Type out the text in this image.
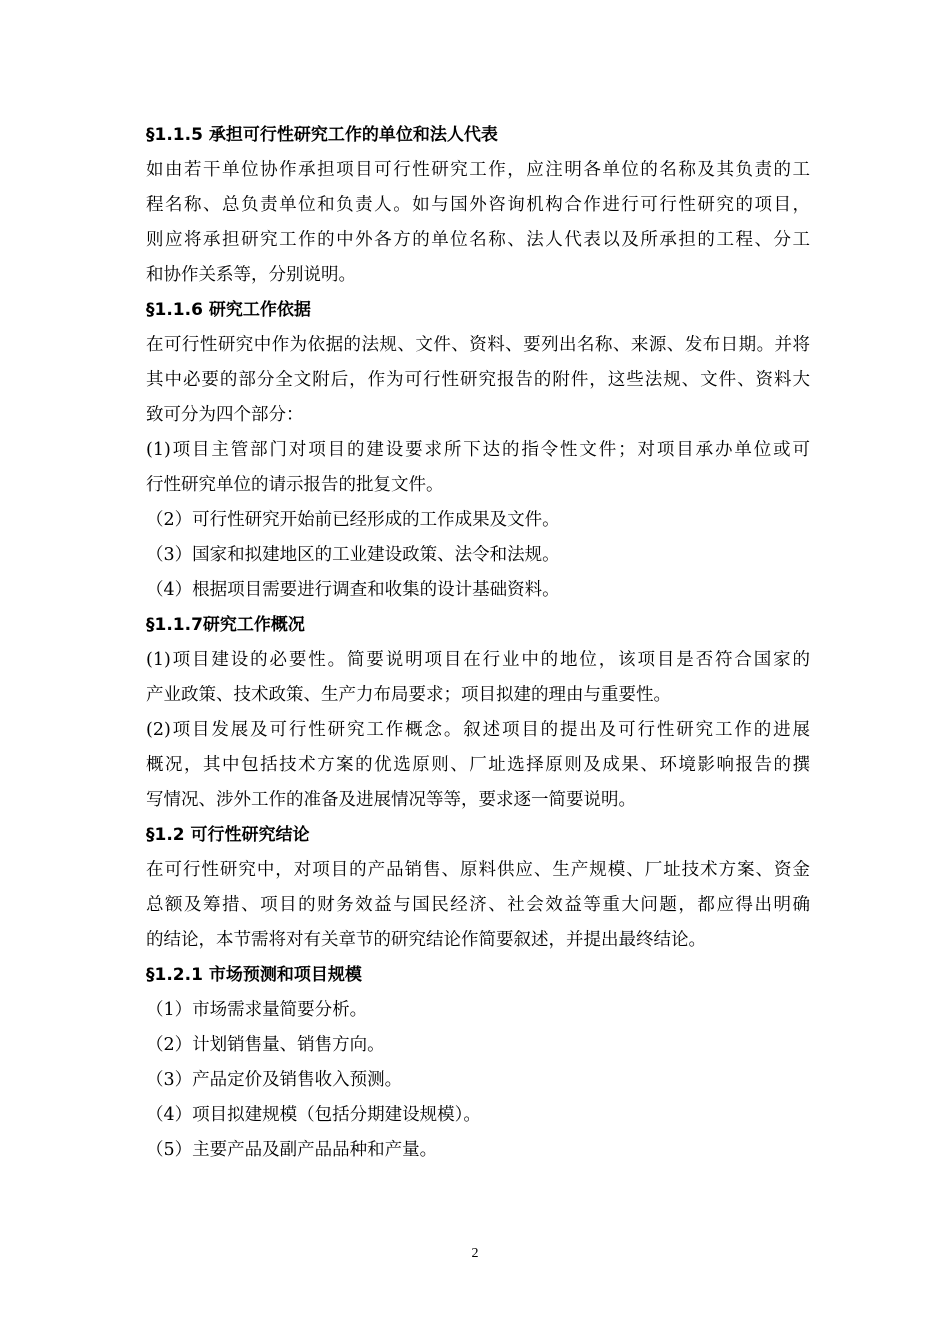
§1.1.5 承担可行性研究工作的单位和法人代表
如由若干单位协作承担项目可行性研究工作，应注明各单位的名称及其负责的工
程名称、总负责单位和负责人。如与国外咨询机构合作进行可行性研究的项目，
则应将承担研究工作的中外各方的单位名称、法人代表以及所承担的工程、分工
和协作关系等，分别说明。
§1.1.6 研究工作依据
在可行性研究中作为依据的法规、文件、资料、要列出名称、来源、发布日期。并将
其中必要的部分全文附后，作为可行性研究报告的附件，这些法规、文件、资料大
致可分为四个部分：
(1)项目主管部门对项目的建设要求所下达的指令性文件；对项目承办单位或可
行性研究单位的请示报告的批复文件。
（2）可行性研究开始前已经形成的工作成果及文件。
（3）国家和拟建地区的工业建设政策、法令和法规。
（4）根据项目需要进行调查和收集的设计基础资料。
§1.1.7研究工作概况
(1)项目建设的必要性。简要说明项目在行业中的地位，该项目是否符合国家的
产业政策、技术政策、生产力布局要求；项目拟建的理由与重要性。
(2)项目发展及可行性研究工作概念。叙述项目的提出及可行性研究工作的进展
概况，其中包括技术方案的优选原则、厂址选择原则及成果、环境影响报告的撰
写情况、涉外工作的准备及进展情况等等，要求逐一简要说明。
§1.2 可行性研究结论
在可行性研究中，对项目的产品销售、原料供应、生产规模、厂址技术方案、资金
总额及筹措、项目的财务效益与国民经济、社会效益等重大问题，都应得出明确
的结论，本节需将对有关章节的研究结论作简要叙述，并提出最终结论。
§1.2.1 市场预测和项目规模
（1）市场需求量简要分析。
（2）计划销售量、销售方向。
（3）产品定价及销售收入预测。
（4）项目拟建规模（包括分期建设规模）。
（5）主要产品及副产品品种和产量。
2
